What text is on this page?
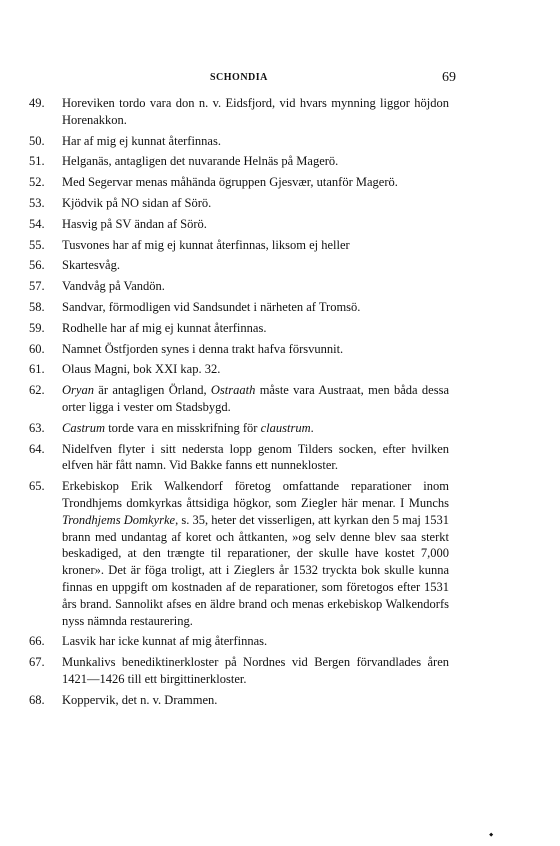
SCHONDIA	69
49.	Horeviken tordo vara don n. v. Eidsfjord, vid hvars mynning liggor höjdon Horenakkon.
50.	Har af mig ej kunnat återfinnas.
51.	Helganäs, antagligen det nuvarande Helnäs på Magerö.
52.	Med Segervar menas måhända ögruppen Gjesvær, utanför Magerö.
53.	Kjödvik på NO sidan af Sörö.
54.	Hasvig på SV ändan af Sörö.
55.	Tusvones har af mig ej kunnat återfinnas, liksom ej heller
56.	Skartesvåg.
57.	Vandvåg på Vandön.
58.	Sandvar, förmodligen vid Sandsundet i närheten af Tromsö.
59.	Rodhelle har af mig ej kunnat återfinnas.
60.	Namnet Östfjorden synes i denna trakt hafva försvunnit.
61.	Olaus Magni, bok XXI kap. 32.
62.	Oryan är antagligen Örland, Ostraath måste vara Austraat, men båda dessa orter ligga i vester om Stadsbygd.
63.	Castrum torde vara en misskrifning för claustrum.
64.	Nidelfven flyter i sitt nedersta lopp genom Tilders socken, efter hvilken elfven här fått namn. Vid Bakke fanns ett nunnekloster.
65.	Erkebiskop Erik Walkendorf företog omfattande reparationer inom Trondhjems domkyrkas åttsidiga högkor, som Ziegler här menar. I Munchs Trondhjems Domkyrke, s. 35, heter det visserligen, att kyrkan den 5 maj 1531 brann med undantag af koret och åttkanten, »og selv denne blev saa sterkt beskadiged, at den trængte til reparationer, der skulle have kostet 7,000 kroner». Det är föga troligt, att i Zieglers år 1532 tryckta bok skulle kunna finnas en uppgift om kostnaden af de reparationer, som företogos efter 1531 års brand. Sannolikt afses en äldre brand och menas erkebiskop Walkendorfs nyss nämnda restaurering.
66.	Lasvik har icke kunnat af mig återfinnas.
67.	Munkalivs benediktinerkloster på Nordnes vid Bergen förvandlades åren 1421—1426 till ett birgittinerkloster.
68.	Koppervik, det n. v. Drammen.
⬩
